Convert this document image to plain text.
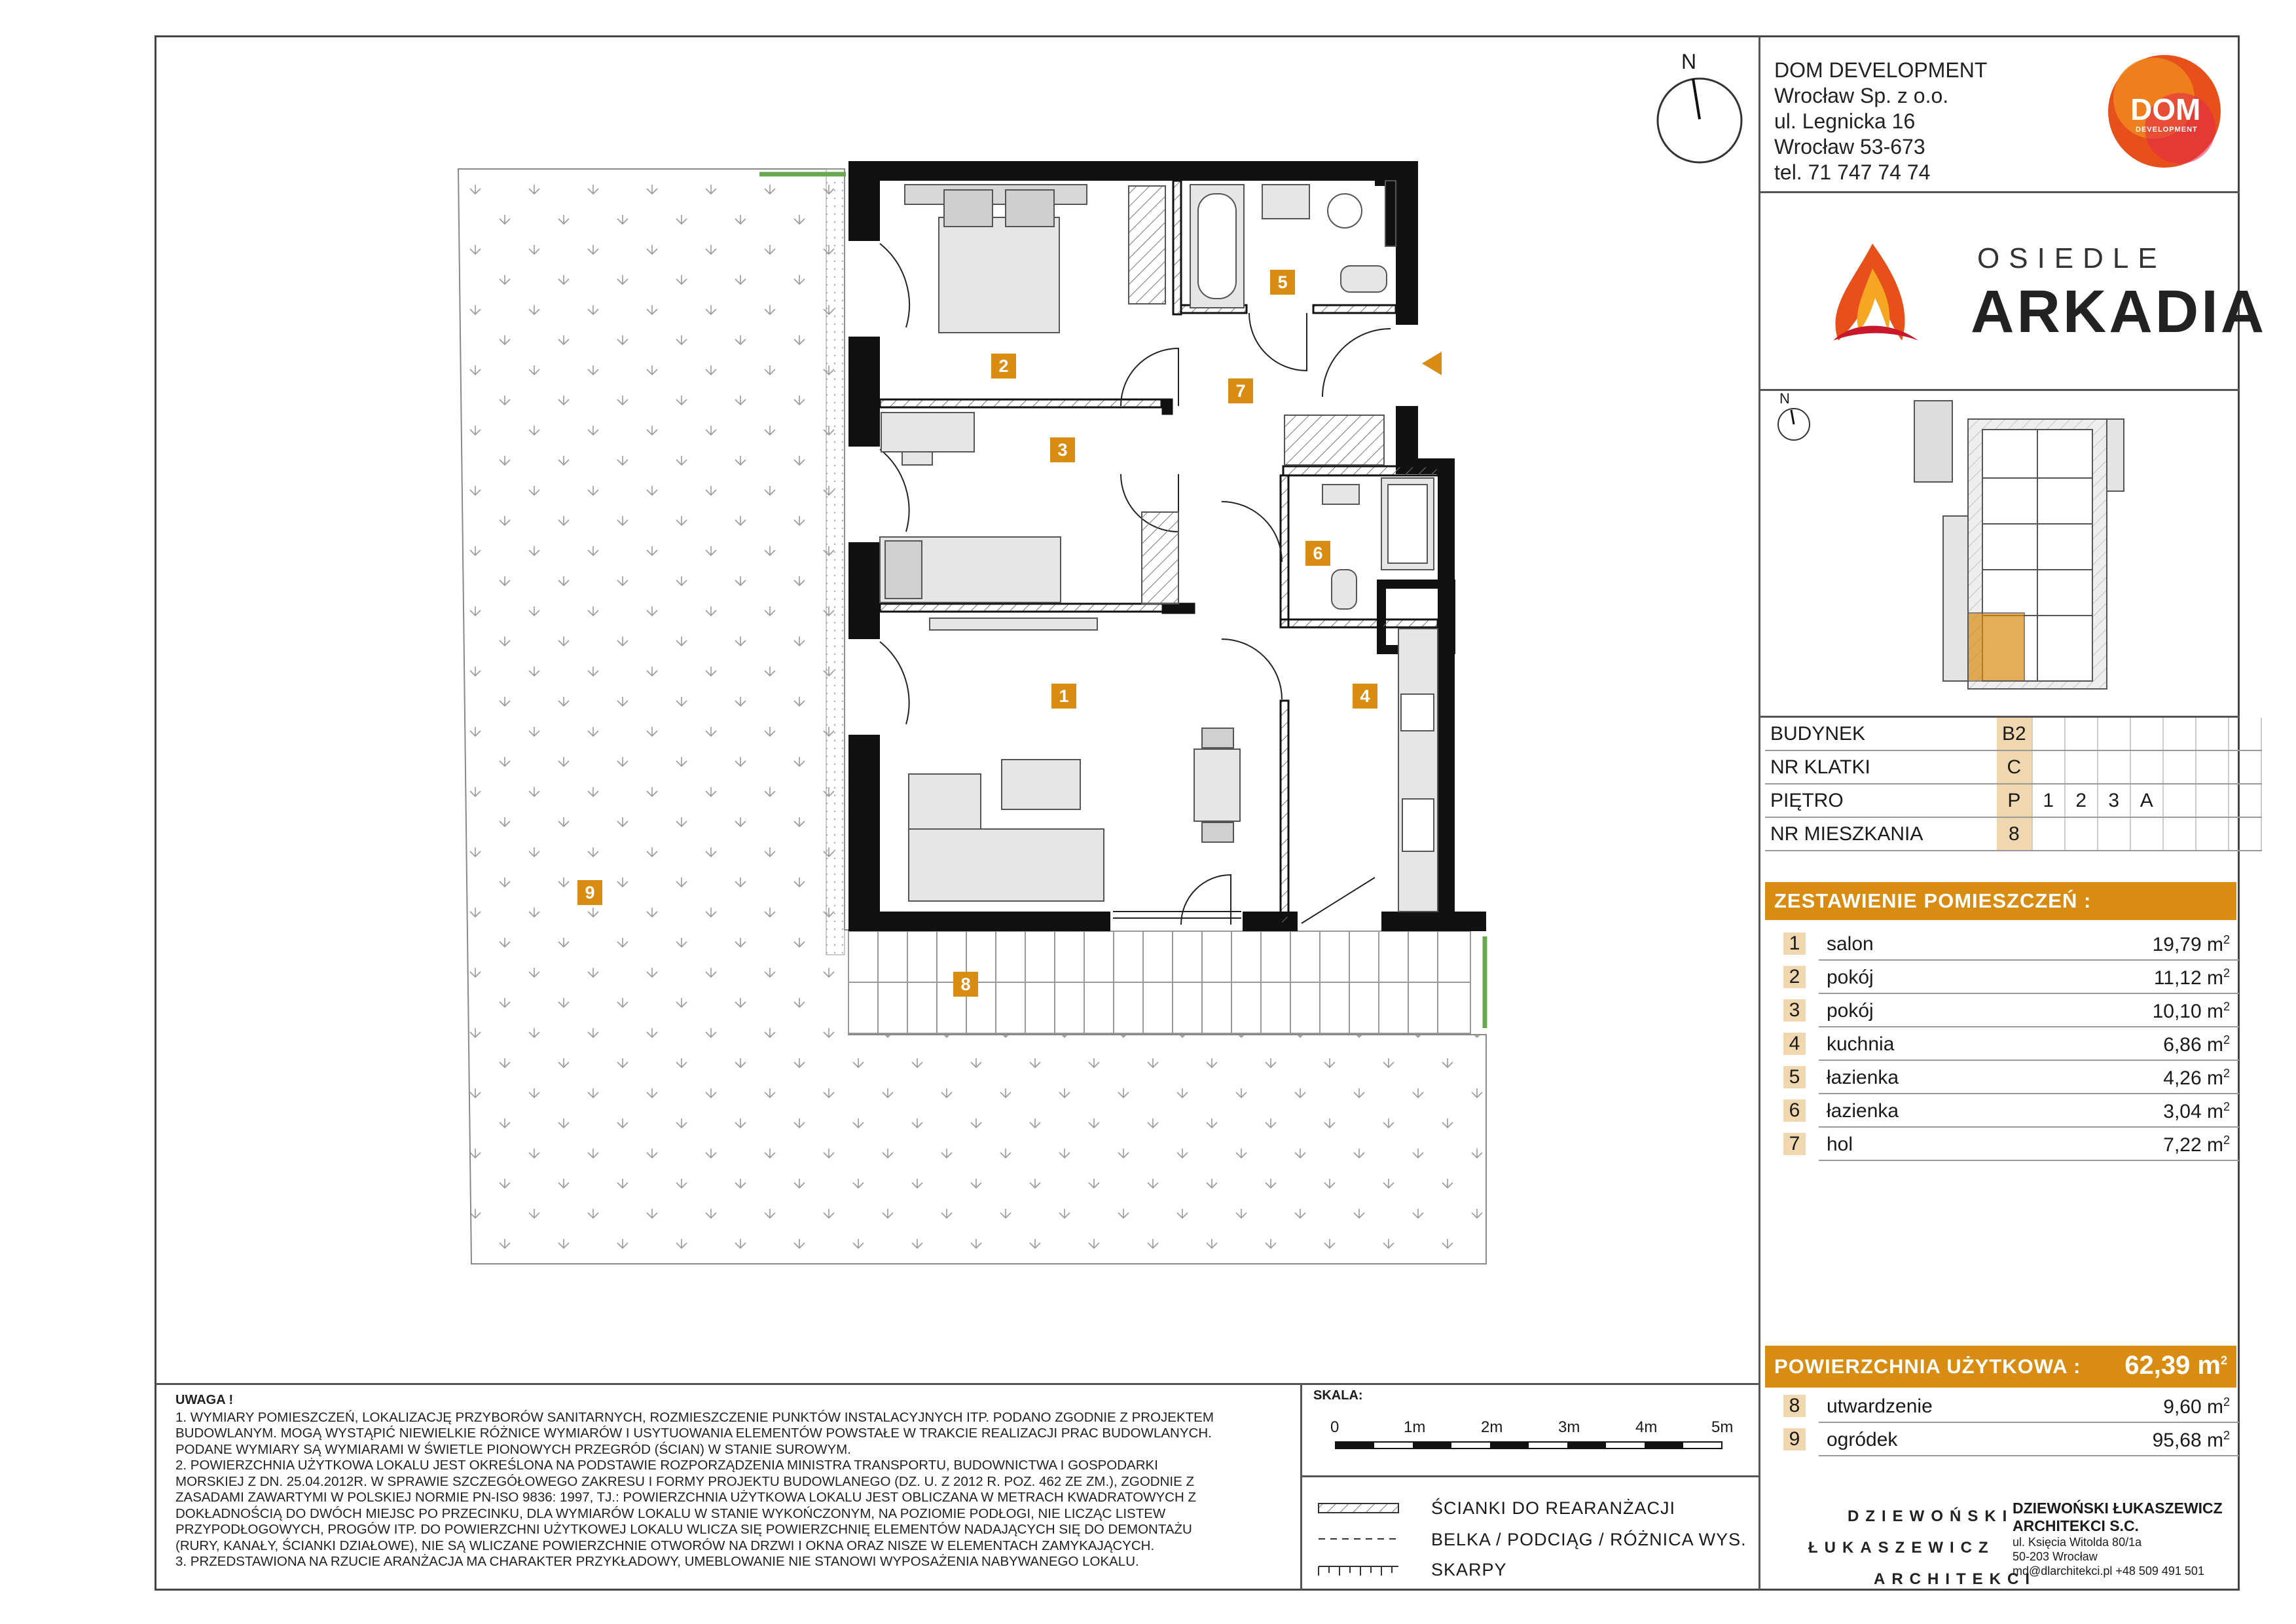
1
2
3
4
5
6
7
8
9
N
N
DOM DEVELOPMENT
Wrocław Sp. z o.o.
ul. Legnicka 16
Wrocław 53-673
tel. 71 747 74 74
DOM
DEVELOPMENT
OSIEDLE
ARKADIA
BUDYNEK	B2							
NR KLATKI	C							
PIĘTRO	P	1	2	3	A			
NR MIESZKANIA	8							
ZESTAWIENIE POMIESZCZEŃ :
1 salon	19,79 $m^2$
2 pokój	11,12 $m^2$
3 pokój	10,10 $m^2$
4 kuchnia	6,86 $m^2$
5 łazienka	4,26 $m^2$
6 łazienka	3,04 $m^2$
7 hol	7,22 $m^2$
POWIERZCHNIA UŻYTKOWA : 62,39 $m^2$
8 utwardzenie	9,60 $m^2$
9 ogródek	95,68 $m^2$
UWAGA !
1. WYMIARY POMIESZCZEŃ, LOKALIZACJĘ PRZYBORÓW SANITARNYCH, ROZMIESZCZENIE PUNKTÓW INSTALACYJNYCH ITP. PODANO ZGODNIE Z PROJEKTEM
BUDOWLANYM. MOGĄ WYSTĄPIĆ NIEWIELKIE RÓŻNICE WYMIARÓW I USYTUOWANIA ELEMENTÓW POWSTAŁE W TRAKCIE REALIZACJI PRAC BUDOWLANYCH.
PODANE WYMIARY SĄ WYMIARAMI W ŚWIETLE PIONOWYCH PRZEGRÓD (ŚCIAN) W STANIE SUROWYM.
2. POWIERZCHNIA UŻYTKOWA LOKALU JEST OKREŚLONA NA PODSTAWIE ROZPORZĄDZENIA MINISTRA TRANSPORTU, BUDOWNICTWA I GOSPODARKI
MORSKIEJ Z DN. 25.04.2012R. W SPRAWIE SZCZEGÓŁOWEGO ZAKRESU I FORMY PROJEKTU BUDOWLANEGO (DZ. U. Z 2012 R. POZ. 462 ZE ZM.), ZGODNIE Z
ZASADAMI ZAWARTYMI W POLSKIEJ NORMIE PN-ISO 9836: 1997, TJ.: POWIERZCHNIA UŻYTKOWA LOKALU JEST OBLICZANA W METRACH KWADRATOWYCH Z
DOKŁADNOŚCIĄ DO DWÓCH MIEJSC PO PRZECINKU, DLA WYMIARÓW LOKALU W STANIE WYKOŃCZONYM, NA POZIOMIE PODŁOGI, NIE LICZĄC LISTEW
PRZYPODŁOGOWYCH, PROGÓW ITP. DO POWIERZCHNI UŻYTKOWEJ LOKALU WLICZA SIĘ POWIERZCHNIĘ ELEMENTÓW NADAJĄCYCH SIĘ DO DEMONTAŻU
(RURY, KANAŁY, ŚCIANKI DZIAŁOWE), NIE SĄ WLICZANE POWIERZCHNIE OTWORÓW NA DRZWI I OKNA ORAZ NISZE W ELEMENTACH ZAMYKAJĄCYCH.
3. PRZEDSTAWIONA NA RZUCIE ARANŻACJA MA CHARAKTER PRZYKŁADOWY, UMEBLOWANIE NIE STANOWI WYPOSAŻENIA NABYWANEGO LOKALU.
SKALA:
0	1m	2m	3m	4m	5m
ŚCIANKI DO REARANŻACJI
BELKA / PODCIĄG / RÓŻNICA WYS.
SKARPY
DZIEWOŃSKI
ŁUKASZEWICZ
ARCHITEKCI
DZIEWOŃSKI ŁUKASZEWICZ
ARCHITEKCI S.C.
ul. Księcia Witolda 80/1a
50-203 Wrocław
md@dlarchitekci.pl +48 509 491 501
